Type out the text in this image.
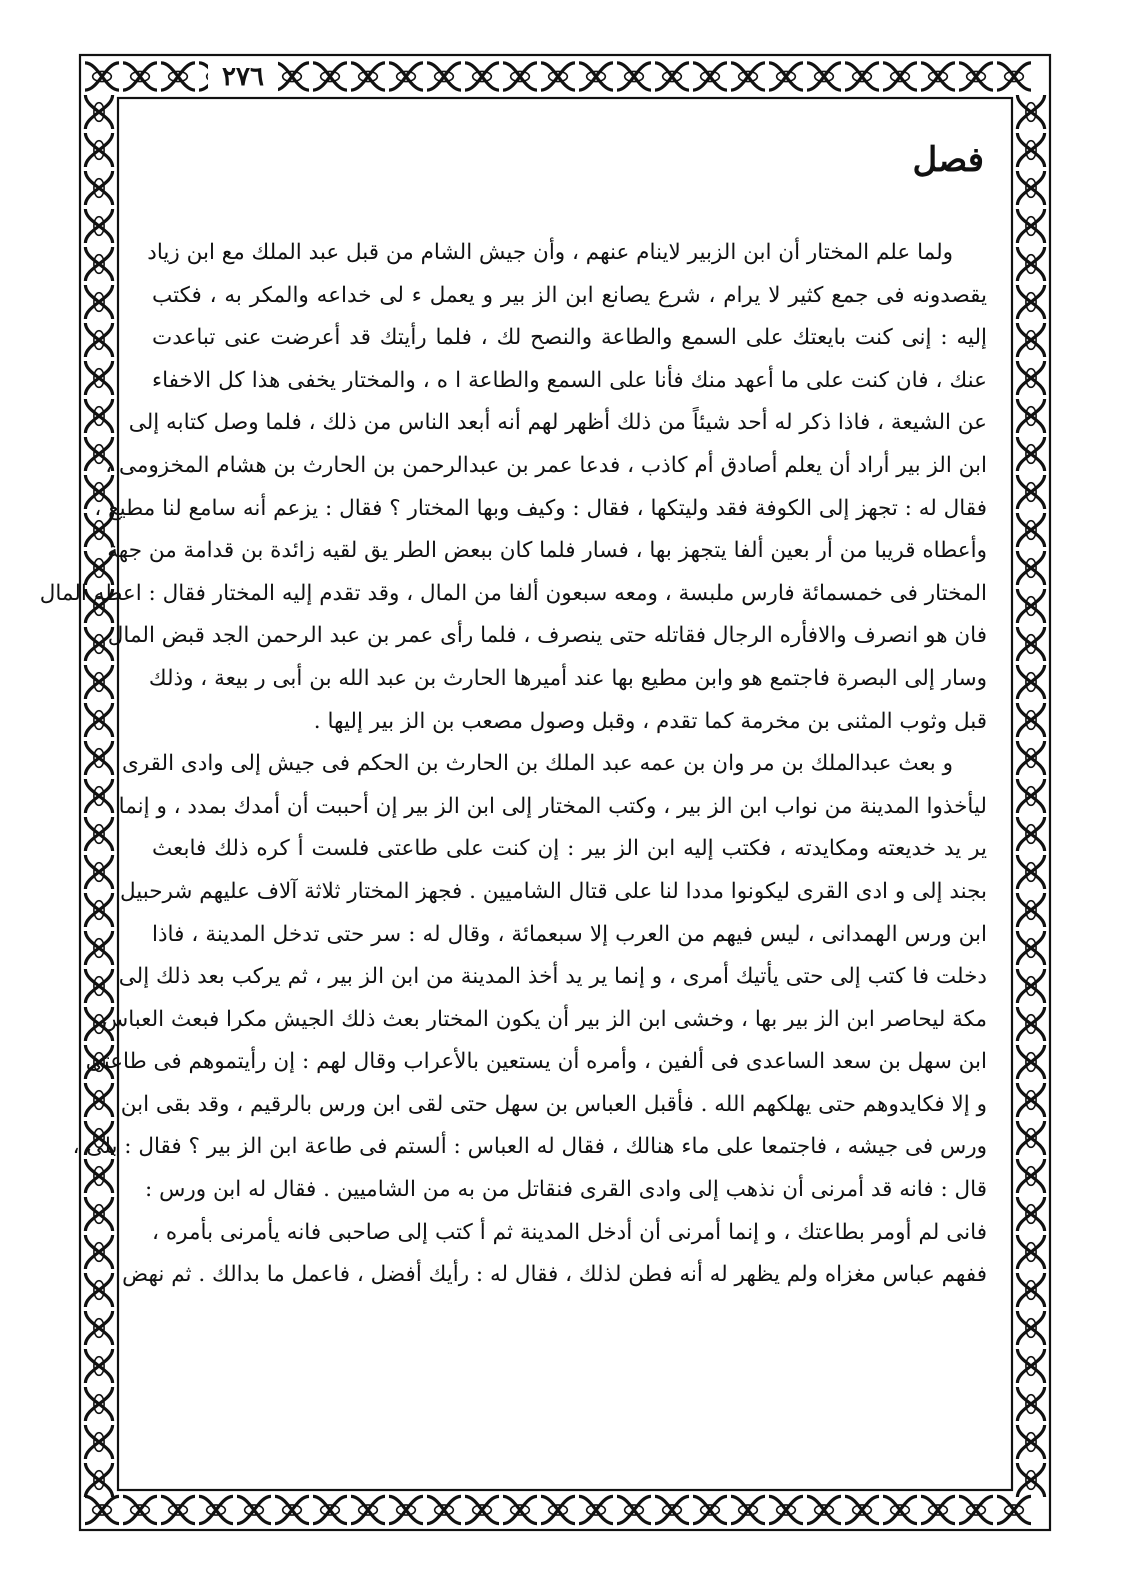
٢٧٦
فصل
ولما علم المختار أن ابن الزبير لاينام عنهم ، وأن جيش الشام من قبل عبد الملك مع ابن زياد
يقصدونه فى جمع كثير لا يرام ، شرع يصانع ابن الز بير و يعمل ء لى خداعه والمكر به ، فكتب
إليه : إنى كنت بايعتك على السمع والطاعة والنصح لك ، فلما رأيتك قد أعرضت عنى تباعدت
عنك ، فان كنت على ما أعهد منك فأنا على السمع والطاعة ا ه ، والمختار يخفى هذا كل الاخفاء
عن الشيعة ، فاذا ذكر له أحد شيئاً من ذلك أظهر لهم أنه أبعد الناس من ذلك ، فلما وصل كتابه إلى
ابن الز بير أراد أن يعلم أصادق أم كاذب ، فدعا عمر بن عبدالرحمن بن الحارث بن هشام المخزومى ،
فقال له : تجهز إلى الكوفة فقد وليتكها ، فقال : وكيف وبها المختار ؟ فقال : يزعم أنه سامع لنا مطيع ،
وأعطاه قريبا من أر بعين ألفا يتجهز بها ، فسار فلما كان ببعض الطر يق لقيه زائدة بن قدامة من جهة
المختار فى خمسمائة فارس ملبسة ، ومعه سبعون ألفا من المال ، وقد تقدم إليه المختار فقال : اعطه المال
فان هو انصرف والافأره الرجال فقاتله حتى ينصرف ، فلما رأى عمر بن عبد الرحمن الجد قبض المال
وسار إلى البصرة فاجتمع هو وابن مطيع بها عند أميرها الحارث بن عبد الله بن أبى ر بيعة ، وذلك
قبل وثوب المثنى بن مخرمة كما تقدم ، وقبل وصول مصعب بن الز بير إليها .
و بعث عبدالملك بن مر وان بن عمه عبد الملك بن الحارث بن الحكم فى جيش إلى وادى القرى
ليأخذوا المدينة من نواب ابن الز بير ، وكتب المختار إلى ابن الز بير إن أحببت أن أمدك بمدد ، و إنما
ير يد خديعته ومكايدته ، فكتب إليه ابن الز بير : إن كنت على طاعتى فلست أ كره ذلك فابعث
بجند إلى و ادى القرى ليكونوا مددا لنا على قتال الشاميين . فجهز المختار ثلاثة آلاف عليهم شرحبيل
ابن ورس الهمدانى ، ليس فيهم من العرب إلا سبعمائة ، وقال له : سر حتى تدخل المدينة ، فاذا
دخلت فا كتب إلى حتى يأتيك أمرى ، و إنما ير يد أخذ المدينة من ابن الز بير ، ثم يركب بعد ذلك إلى
مكة ليحاصر ابن الز بير بها ، وخشى ابن الز بير أن يكون المختار بعث ذلك الجيش مكرا فبعث العباس
ابن سهل بن سعد الساعدى فى ألفين ، وأمره أن يستعين بالأعراب وقال لهم : إن رأيتموهم فى طاعتى
و إلا فكايدوهم حتى يهلكهم الله . فأقبل العباس بن سهل حتى لقى ابن ورس بالرقيم ، وقد بقى ابن
ورس فى جيشه ، فاجتمعا على ماء هنالك ، فقال له العباس : ألستم فى طاعة ابن الز بير ؟ فقال : بلى ،
قال : فانه قد أمرنى أن نذهب إلى وادى القرى فنقاتل من به من الشاميين . فقال له ابن ورس :
فانى لم أومر بطاعتك ، و إنما أمرنى أن أدخل المدينة ثم أ كتب إلى صاحبى فانه يأمرنى بأمره ،
ففهم عباس مغزاه ولم يظهر له أنه فطن لذلك ، فقال له : رأيك أفضل ، فاعمل ما بدالك . ثم نهض
